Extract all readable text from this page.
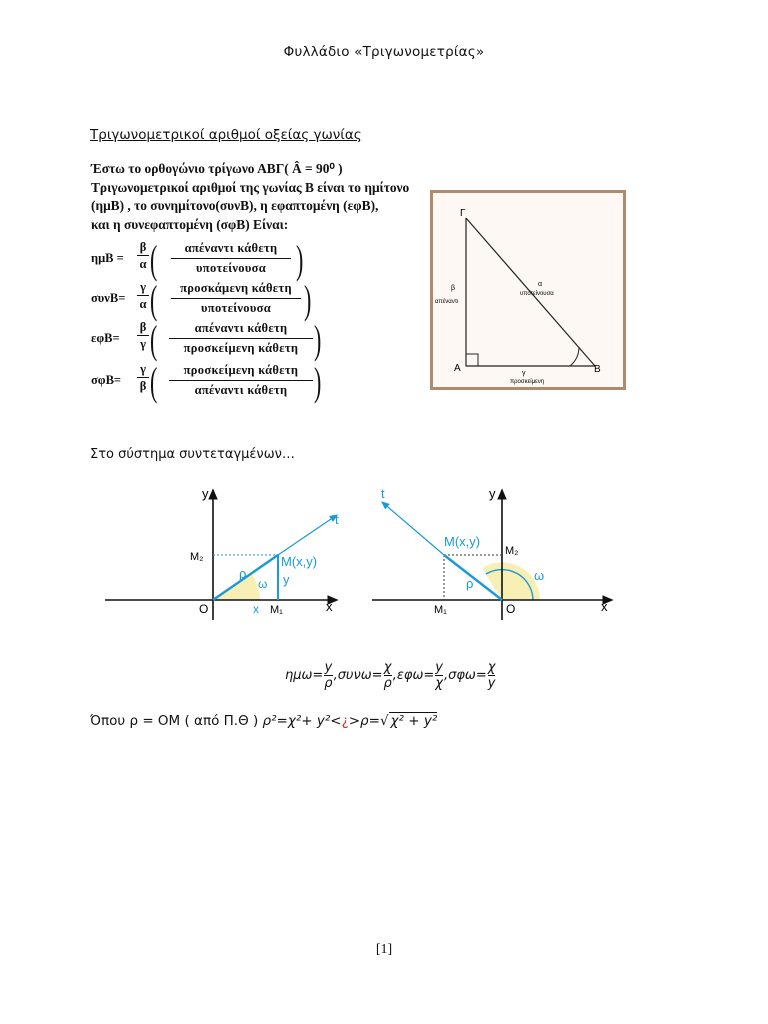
Φυλλάδιο «Τριγωνομετρίας»
Τριγωνομετρικοί αριθμοί οξείας γωνίας
Έστω το ορθογώνιο τρίγωνο ΑΒΓ( Â = 90⁰ )
Τριγωνομετρικοί αριθμοί της γωνίας Β είναι το ημίτονο
(ημΒ) , το συνημίτονο(συνΒ), η εφαπτομένη (εφΒ),
και η συνεφαπτομένη (σφΒ) Είναι:
ημΒ =
β
α (	απέναντι κάθετη
υποτείνουσα )
συνΒ=
γ
α (	προσκάμενη κάθετη
υποτείνουσα )
εφΒ=
β
γ (	απέναντι κάθετη
προσκείμενη κάθετη )
σφΒ=
γ
β (	προσκείμενη κάθετη
απέναντι κάθετη )
Γ
Α	Β
β
απέναντι
α
υποτείνουσα
γ
προσκείμενη
Στο σύστημα συντεταγμένων…
y
x
O
t
M(x,y)
M₂
M₁
ρ
ω
x
y
y
x
O
t
M(x,y)
M₂
M₁
ρ
ω
$\eta\mu\omega= \frac{y}{\rho} ,\sigma\upsilon\nu\omega= \frac{\chi}{\rho} ,\varepsilon\varphi\omega= \frac{y}{\chi} ,\sigma\varphi\omega= \frac{\chi}{y}$
Όπου ρ = ΟΜ ( από Π.Θ ) ρ²=χ²+ y²<¿>ρ=√ χ² + y²
[1]
